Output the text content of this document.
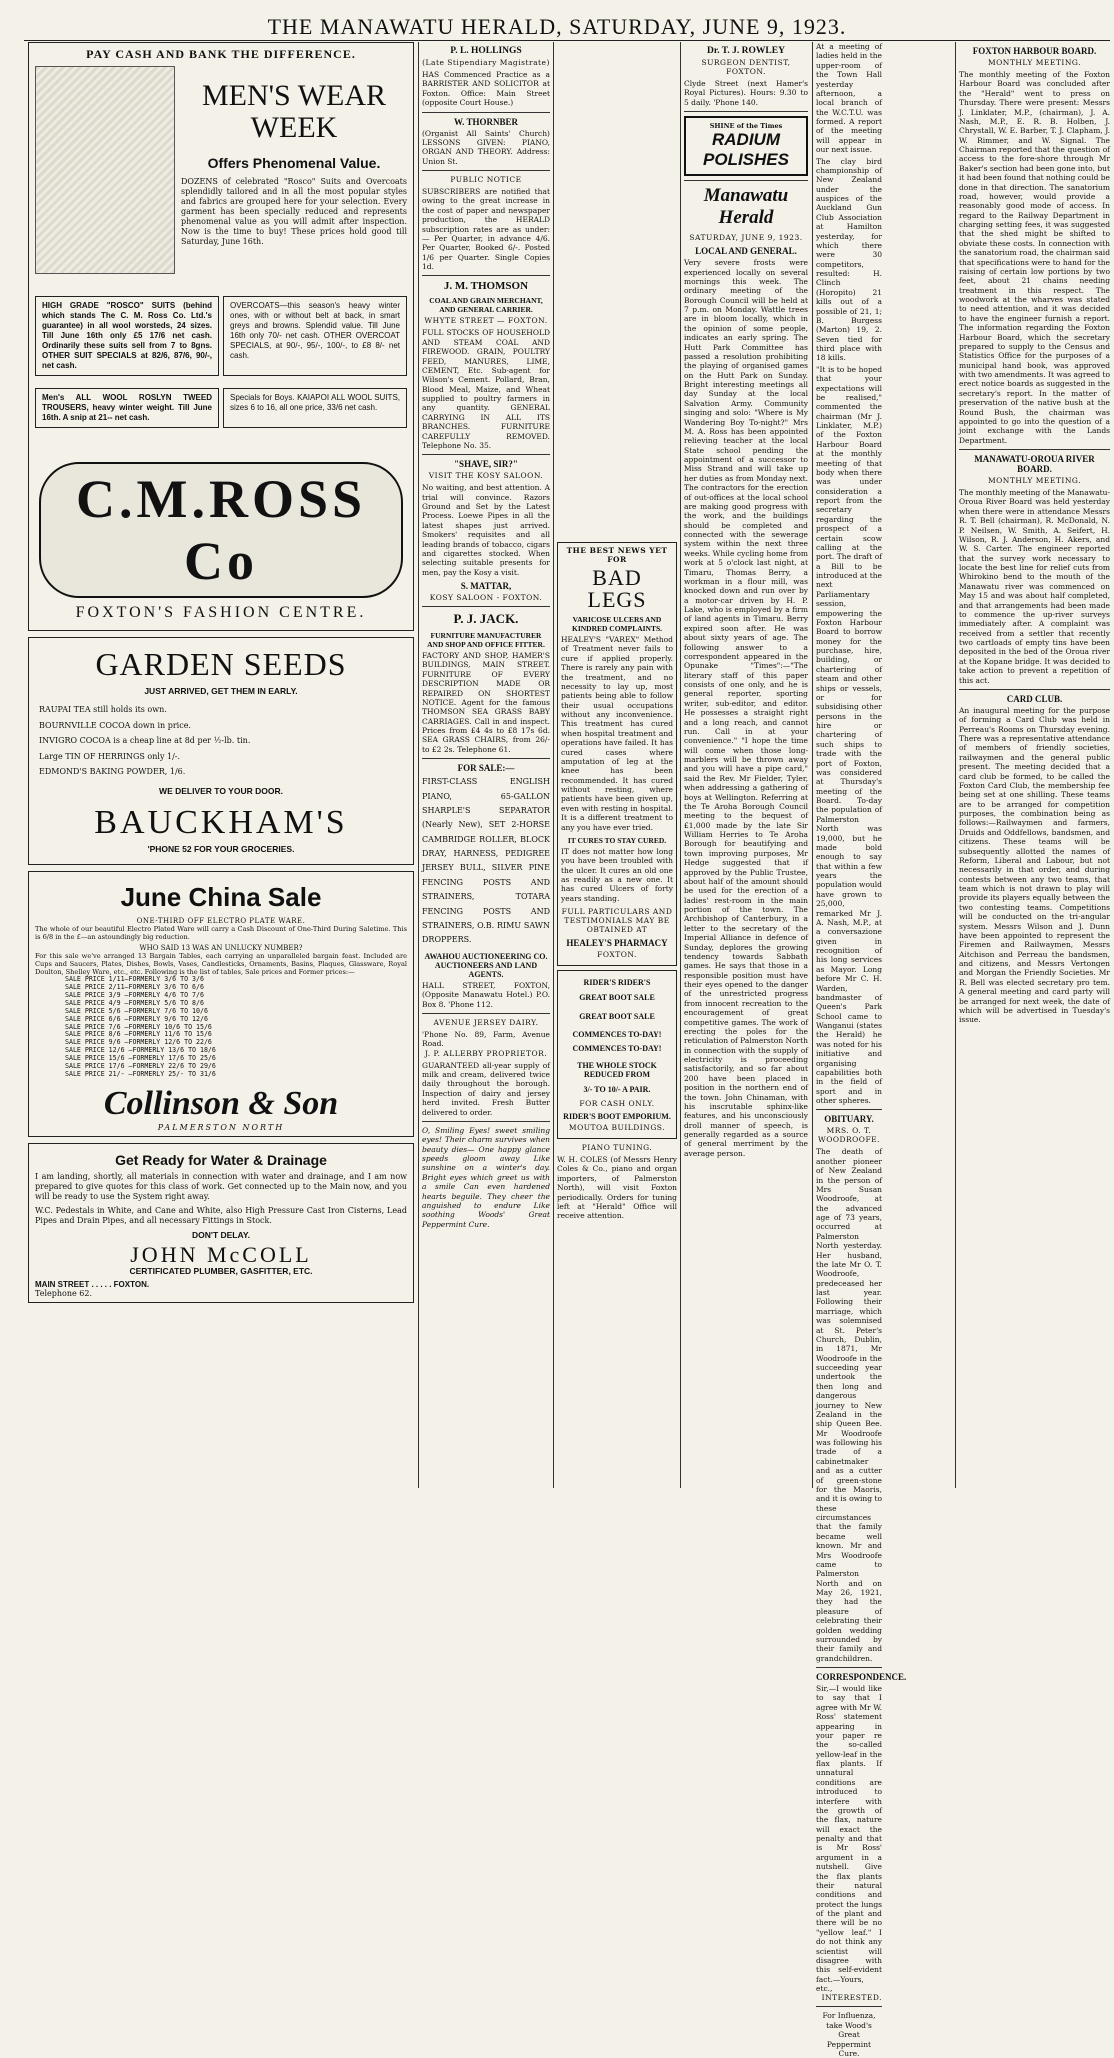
THE MANAWATU HERALD, SATURDAY, JUNE 9, 1923.
PAY CASH AND BANK THE DIFFERENCE.
MEN'S WEAR WEEK
Offers Phenomenal Value.
DOZENS of celebrated "Rosco" Suits and Overcoats splendidly tailored and in all the most popular styles and fabrics are grouped here for your selection. Every garment has been specially reduced and represents phenomenal value as you will admit after inspection. Now is the time to buy! These prices hold good till Saturday, June 16th.
HIGH GRADE "ROSCO" SUITS (behind which stands The C. M. Ross Co. Ltd.'s guarantee) in all wool worsteds, 24 sizes. Till June 16th only £5 17/6 net cash. Ordinarily these suits sell from 7 to 8gns. OTHER SUIT SPECIALS at 82/6, 87/6, 90/-, net cash.
OVERCOATS—this season's heavy winter ones, with or without belt at back, in smart greys and browns. Splendid value. Till June 16th only 70/- net cash. OTHER OVERCOAT SPECIALS, at 90/-, 95/-, 100/-, to £8 8/- net cash.
Men's ALL WOOL ROSLYN TWEED TROUSERS, heavy winter weight. Till June 16th. A snip at 21-- net cash.
Specials for Boys. KAIAPOI ALL WOOL SUITS, sizes 6 to 16, all one price, 33/6 net cash.
C.M.ROSS Co
FOXTON'S FASHION CENTRE.
GARDEN SEEDS
JUST ARRIVED, GET THEM IN EARLY.
RAUPAI TEA still holds its own.
BOURNVILLE COCOA down in price.
INVIGRO COCOA is a cheap line at 8d per ½-lb. tin.
Large TIN OF HERRINGS only 1/-.
EDMOND'S BAKING POWDER, 1/6.
WE DELIVER TO YOUR DOOR.
BAUCKHAM'S
'PHONE 52 FOR YOUR GROCERIES.
June China Sale
ONE-THIRD OFF ELECTRO PLATE WARE.
The whole of our beautiful Electro Plated Ware will carry a Cash Discount of One-Third During Saletime. This is 6/8 in the £—an astoundingly big reduction.
WHO SAID 13 WAS AN UNLUCKY NUMBER?
For this sale we've arranged 13 Bargain Tables, each carrying an unparalleled bargain feast. Included are Cups and Saucers, Plates, Dishes, Bowls, Vases, Candlesticks, Ornaments, Basins, Plaques, Glassware, Royal Doulton, Shelley Ware, etc., etc. Following is the list of tables, Sale prices and Former prices:—
SALE PRICE 1/11—FORMERLY 3/6 TO 3/6
SALE PRICE 2/11—FORMERLY 3/6 TO 6/6
SALE PRICE 3/9 —FORMERLY 4/6 TO 7/6
SALE PRICE 4/9 —FORMERLY 5/6 TO 8/6
SALE PRICE 5/6 —FORMERLY 7/6 TO 10/6
SALE PRICE 6/6 —FORMERLY 9/6 TO 12/6
SALE PRICE 7/6 —FORMERLY 10/6 TO 15/6
SALE PRICE 8/6 —FORMERLY 11/6 TO 15/6
SALE PRICE 9/6 —FORMERLY 12/6 TO 22/6
SALE PRICE 12/6 —FORMERLY 13/6 TO 18/6
SALE PRICE 15/6 —FORMERLY 17/6 TO 25/6
SALE PRICE 17/6 —FORMERLY 22/6 TO 29/6
SALE PRICE 21/- —FORMERLY 25/- TO 31/6
Collinson & Son
PALMERSTON NORTH
Get Ready for Water & Drainage
I am landing, shortly, all materials in connection with water and drainage, and I am now prepared to give quotes for this class of work. Get connected up to the Main now, and you will be ready to use the System right away.
W.C. Pedestals in White, and Cane and White, also High Pressure Cast Iron Cisterns, Lead Pipes and Drain Pipes, and all necessary Fittings in Stock.
DON'T DELAY.
JOHN McCOLL
CERTIFICATED PLUMBER, GASFITTER, ETC.
MAIN STREET . . . . . FOXTON.
Telephone 62.
P. L. HOLLINGS
(Late Stipendiary Magistrate)
HAS Commenced Practice as a BARRISTER AND SOLICITOR at Foxton. Office: Main Street (opposite Court House.)
W. THORNBER
(Organist All Saints' Church) LESSONS GIVEN: PIANO, ORGAN AND THEORY. Address: Union St.
PUBLIC NOTICE
SUBSCRIBERS are notified that owing to the great increase in the cost of paper and newspaper production, the HERALD subscription rates are as under:— Per Quarter, in advance 4/6. Per Quarter, Booked 6/-. Posted 1/6 per Quarter. Single Copies 1d.
J. M. THOMSON
COAL AND GRAIN MERCHANT, AND GENERAL CARRIER.
WHYTE STREET — FOXTON.
FULL STOCKS OF HOUSEHOLD AND STEAM COAL AND FIREWOOD. GRAIN, POULTRY FEED, MANURES, LIME, CEMENT, Etc. Sub-agent for Wilson's Cement. Pollard, Bran, Blood Meal, Maize, and Wheat supplied to poultry farmers in any quantity. GENERAL CARRYING IN ALL ITS BRANCHES. FURNITURE CAREFULLY REMOVED. Telephone No. 35.
"SHAVE, SIR?"
VISIT THE KOSY SALOON.
No waiting, and best attention. A trial will convince. Razors Ground and Set by the Latest Process. Loewe Pipes in all the latest shapes just arrived. Smokers' requisites and all leading brands of tobacco, cigars and cigarettes stocked. When selecting suitable presents for men, pay the Kosy a visit.
S. MATTAR,
KOSY SALOON - FOXTON.
P. J. JACK.
FURNITURE MANUFACTURER AND SHOP AND OFFICE FITTER.
FACTORY AND SHOP, HAMER'S BUILDINGS, MAIN STREET. FURNITURE OF EVERY DESCRIPTION MADE OR REPAIRED ON SHORTEST NOTICE. Agent for the famous THOMSON SEA GRASS BABY CARRIAGES. Call in and inspect. Prices from £4 4s to £8 17s 6d. SEA GRASS CHAIRS, from 26/- to £2 2s. Telephone 61.
FOR SALE:—
FIRST-CLASS ENGLISH PIANO, 65-GALLON SHARPLE'S SEPARATOR (Nearly New), SET 2-HORSE CAMBRIDGE ROLLER, BLOCK DRAY, HARNESS, PEDIGREE JERSEY BULL, SILVER PINE FENCING POSTS AND STRAINERS, TOTARA FENCING POSTS AND STRAINERS, O.B. RIMU SAWN DROPPERS.
AWAHOU AUCTIONEERING CO. AUCTIONEERS AND LAND AGENTS.
HALL STREET, FOXTON, (Opposite Manawatu Hotel.) P.O. Box 8. 'Phone 112.
AVENUE JERSEY DAIRY.
'Phone No. 89, Farm, Avenue Road.
J. P. ALLERBY PROPRIETOR.
GUARANTEED all-year supply of milk and cream, delivered twice daily throughout the borough. Inspection of dairy and jersey herd invited. Fresh Butter delivered to order.
O, Smiling Eyes! sweet smiling eyes! Their charm survives when beauty dies— One happy glance speeds gloom away Like sunshine on a winter's day. Bright eyes which greet us with a smile Can even hardened hearts beguile. They cheer the anguished to endure Like soothing Woods' Great Peppermint Cure.
THE BEST NEWS YET FOR
BAD LEGS
VARICOSE ULCERS AND KINDRED COMPLAINTS.
HEALEY'S "VAREX" Method of Treatment never fails to cure if applied properly. There is rarely any pain with the treatment, and no necessity to lay up, most patients being able to follow their usual occupations without any inconvenience. This treatment has cured when hospital treatment and operations have failed. It has cured cases where amputation of leg at the knee has been recommended. It has cured without resting, where patients have been given up, even with resting in hospital. It is a different treatment to any you have ever tried.
IT CURES TO STAY CURED.
IT does not matter how long you have been troubled with the ulcer. It cures an old one as readily as a new one. It has cured Ulcers of forty years standing.
FULL PARTICULARS AND TESTIMONIALS MAY BE OBTAINED AT
HEALEY'S PHARMACY
FOXTON.
RIDER'S RIDER'S
GREAT BOOT SALE
GREAT BOOT SALE
COMMENCES TO-DAY! COMMENCES TO-DAY!
THE WHOLE STOCK REDUCED FROM
3/- TO 10/- A PAIR.
FOR CASH ONLY.
RIDER'S BOOT EMPORIUM.
MOUTOA BUILDINGS.
PIANO TUNING.
W. H. COLES (of Messrs Henry Coles & Co., piano and organ importers, of Palmerston North), will visit Foxton periodically. Orders for tuning left at "Herald" Office will receive attention.
Dr. T. J. ROWLEY
SURGEON DENTIST, FOXTON.
Clyde Street (next Hamer's Royal Pictures). Hours: 9.30 to 5 daily. 'Phone 140.
SHINE of the Times
RADIUM POLISHES
Manawatu Herald
SATURDAY, JUNE 9, 1923.
LOCAL AND GENERAL.
Very severe frosts were experienced locally on several mornings this week. The ordinary meeting of the Borough Council will be held at 7 p.m. on Monday. Wattle trees are in bloom locally, which in the opinion of some people, indicates an early spring. The Hutt Park Committee has passed a resolution prohibiting the playing of organised games on the Hutt Park on Sunday. Bright interesting meetings all day Sunday at the local Salvation Army. Community singing and solo: "Where is My Wandering Boy To-night?" Mrs M. A. Ross has been appointed relieving teacher at the local State school pending the appointment of a successor to Miss Strand and will take up her duties as from Monday next. The contractors for the erection of out-offices at the local school are making good progress with the work, and the buildings should be completed and connected with the sewerage system within the next three weeks. While cycling home from work at 5 o'clock last night, at Timaru, Thomas Berry, a workman in a flour mill, was knocked down and run over by a motor-car driven by H. P. Lake, who is employed by a firm of land agents in Timaru. Berry expired soon after. He was about sixty years of age. The following answer to a correspondent appeared in the Opunake "Times":—"The literary staff of this paper consists of one only, and he is general reporter, sporting writer, sub-editor, and editor. He possesses a straight right and a long reach, and cannot run. Call in at your convenience." "I hope the time will come when those long-marblers will be thrown away and you will have a pipe card," said the Rev. Mr Fielder, Tyler, when addressing a gathering of boys at Wellington. Referring at the Te Aroha Borough Council meeting to the bequest of £1,000 made by the late Sir William Herries to Te Aroha Borough for beautifying and town improving purposes, Mr Hedge suggested that if approved by the Public Trustee, about half of the amount should be used for the erection of a ladies' rest-room in the main portion of the town. The Archbishop of Canterbury, in a letter to the secretary of the Imperial Alliance in defence of Sunday, deplores the growing tendency towards Sabbath games. He says that those in a responsible position must have their eyes opened to the danger of the unrestricted progress from innocent recreation to the encouragement of great competitive games. The work of erecting the poles for the reticulation of Palmerston North in connection with the supply of electricity is proceeding satisfactorily, and so far about 200 have been placed in position in the northern end of the town. John Chinaman, with his inscrutable sphinx-like features, and his unconsciously droll manner of speech, is generally regarded as a source of general merriment by the average person.
At a meeting of ladies held in the upper-room of the Town Hall yesterday afternoon, a local branch of the W.C.T.U. was formed. A report of the meeting will appear in our next issue.
The clay bird championship of New Zealand under the auspices of the Auckland Gun Club Association at Hamilton yesterday, for which there were 30 competitors, resulted: H. Clinch (Horopito) 21 kills out of a possible of 21, 1; B. Burgess (Marton) 19, 2. Seven tied for third place with 18 kills.
"It is to be hoped that your expectations will be realised," commented the chairman (Mr J. Linklater, M.P.) of the Foxton Harbour Board at the monthly meeting of that body when there was under consideration a report from the secretary regarding the prospect of a certain scow calling at the port. The draft of a Bill to be introduced at the next Parliamentary session, empowering the Foxton Harbour Board to borrow money for the purchase, hire, building, or chartering of steam and other ships or vessels, or for subsidising other persons in the hire or chartering of such ships to trade with the port of Foxton, was considered at Thursday's meeting of the Board. To-day the population of Palmerston North was 19,000, but he made bold enough to say that within a few years the population would have grown to 25,000, remarked Mr J. A. Nash, M.P., at a conversazione given in recognition of his long services as Mayor. Long before Mr C. H. Warden, bandmaster of Queen's Park School came to Wanganui (states the Herald) he was noted for his initiative and organising capabilities both in the field of sport and in other spheres.
OBITUARY.
MRS. O. T. WOODROOFE.
The death of another pioneer of New Zealand in the person of Mrs Susan Woodroofe, at the advanced age of 73 years, occurred at Palmerston North yesterday. Her husband, the late Mr O. T. Woodroofe, predeceased her last year. Following their marriage, which was solemnised at St. Peter's Church, Dublin, in 1871, Mr Woodroofe in the succeeding year undertook the then long and dangerous journey to New Zealand in the ship Queen Bee. Mr Woodroofe was following his trade of a cabinetmaker and as a cutter of green-stone for the Maoris, and it is owing to these circumstances that the family became well known. Mr and Mrs Woodroofe came to Palmerston North and on May 26, 1921, they had the pleasure of celebrating their golden wedding surrounded by their family and grandchildren.
CORRESPONDENCE.
Sir,—I would like to say that I agree with Mr W. Ross' statement appearing in your paper re the so-called yellow-leaf in the flax plants. If unnatural conditions are introduced to interfere with the growth of the flax, nature will exact the penalty and that is Mr Ross' argument in a nutshell. Give the flax plants their natural conditions and protect the lungs of the plant and there will be no "yellow leaf." I do not think any scientist will disagree with this self-evident fact.—Yours, etc.,
INTERESTED.
For Influenza, take Wood's Great Peppermint Cure.
FOXTON HARBOUR BOARD.
MONTHLY MEETING.
The monthly meeting of the Foxton Harbour Board was concluded after the "Herald" went to press on Thursday. There were present: Messrs J. Linklater, M.P., (chairman), J. A. Nash, M.P., E. R. B. Holben, J. Chrystall, W. E. Barber, T. J. Clapham, J. W. Rimmer, and W. Signal. The Chairman reported that the question of access to the fore-shore through Mr Baker's section had been gone into, but it had been found that nothing could be done in that direction. The sanatorium road, however, would provide a reasonably good mode of access. In regard to the Railway Department in charging setting fees, it was suggested that the shed might be shifted to obviate these costs. In connection with the sanatorium road, the chairman said that specifications were to hand for the raising of certain low portions by two feet, about 21 chains needing treatment in this respect. The woodwork at the wharves was stated to need attention, and it was decided to have the engineer furnish a report. The information regarding the Foxton Harbour Board, which the secretary prepared to supply to the Census and Statistics Office for the purposes of a municipal hand book, was approved with two amendments. It was agreed to erect notice boards as suggested in the secretary's report. In the matter of preservation of the native bush at the Round Bush, the chairman was appointed to go into the question of a joint exchange with the Lands Department.
MANAWATU-OROUA RIVER BOARD.
MONTHLY MEETING.
The monthly meeting of the Manawatu-Oroua River Board was held yesterday when there were in attendance Messrs R. T. Bell (chairman), R. McDonald, N. P. Neilsen, W. Smith, A. Seifert, H. Wilson, R. J. Anderson, H. Akers, and W. S. Carter. The engineer reported that the survey work necessary to locate the best line for relief cuts from Whirokino bend to the mouth of the Manawatu river was commenced on May 15 and was about half completed, and that arrangements had been made to commence the up-river surveys immediately after. A complaint was received from a settler that recently two cartloads of empty tins have been deposited in the bed of the Oroua river at the Kopane bridge. It was decided to take action to prevent a repetition of this act.
CARD CLUB.
An inaugural meeting for the purpose of forming a Card Club was held in Perreau's Rooms on Thursday evening. There was a representative attendance of members of friendly societies, railwaymen and the general public present. The meeting decided that a card club be formed, to be called the Foxton Card Club, the membership fee being set at one shilling. These teams are to be arranged for competition purposes, the combination being as follows:—Railwaymen and farmers, Druids and Oddfellows, bandsmen, and citizens. These teams will be subsequently allotted the names of Reform, Liberal and Labour, but not necessarily in that order, and during contests between any two teams, that team which is not drawn to play will provide its players equally between the two contesting teams. Competitions will be conducted on the tri-angular system. Messrs Wilson and J. Dunn have been appointed to represent the Firemen and Railwaymen, Messrs Aitchison and Perreau the bandsmen, and citizens, and Messrs Vertongen and Morgan the Friendly Societies. Mr R. Bell was elected secretary pro tem. A general meeting and card party will be arranged for next week, the date of which will be advertised in Tuesday's issue.
